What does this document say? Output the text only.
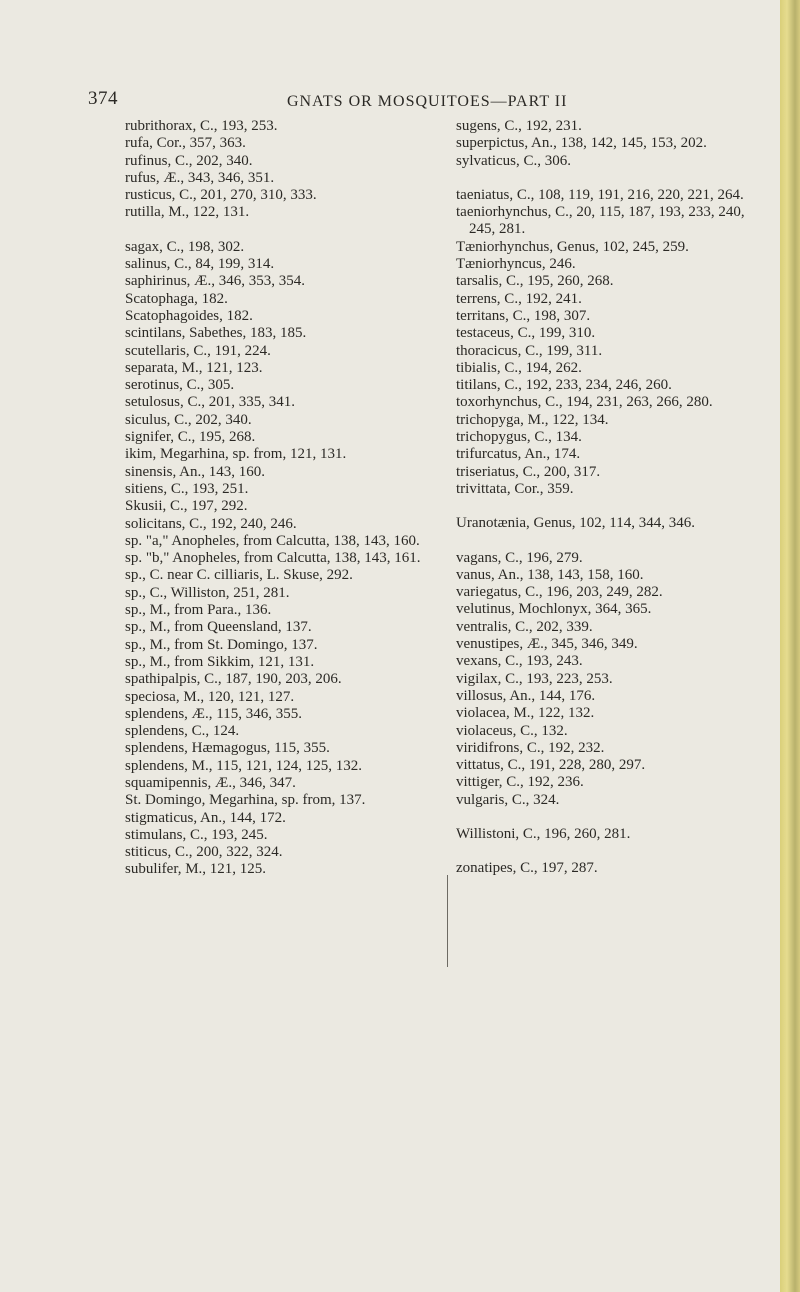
374	GNATS OR MOSQUITOES—PART II
rubrithorax, C., 193, 253.
rufa, Cor., 357, 363.
rufinus, C., 202, 340.
rufus, Æ., 343, 346, 351.
rusticus, C., 201, 270, 310, 333.
rutilla, M., 122, 131.
sagax, C., 198, 302.
salinus, C., 84, 199, 314.
saphirinus, Æ., 346, 353, 354.
Scatophaga, 182.
Scatophagoides, 182.
scintilans, Sabethes, 183, 185.
scutellaris, C., 191, 224.
separata, M., 121, 123.
serotinus, C., 305.
setulosus, C., 201, 335, 341.
siculus, C., 202, 340.
signifer, C., 195, 268.
ikim, Megarhina, sp. from, 121, 131.
sinensis, An., 143, 160.
sitiens, C., 193, 251.
Skusii, C., 197, 292.
solicitans, C., 192, 240, 246.
sp. "a," Anopheles, from Calcutta, 138, 143, 160.
sp. "b," Anopheles, from Calcutta, 138, 143, 161.
sp., C. near C. cilliaris, L. Skuse, 292.
sp., C., Williston, 251, 281.
sp., M., from Para., 136.
sp., M., from Queensland, 137.
sp., M., from St. Domingo, 137.
sp., M., from Sikkim, 121, 131.
spathipalpis, C., 187, 190, 203, 206.
speciosa, M., 120, 121, 127.
splendens, Æ., 115, 346, 355.
splendens, C., 124.
splendens, Hæmagogus, 115, 355.
splendens, M., 115, 121, 124, 125, 132.
squamipennis, Æ., 346, 347.
St. Domingo, Megarhina, sp. from, 137.
stigmaticus, An., 144, 172.
stimulans, C., 193, 245.
stiticus, C., 200, 322, 324.
subulifer, M., 121, 125.
sugens, C., 192, 231.
superpictus, An., 138, 142, 145, 153, 202.
sylvaticus, C., 306.
taeniatus, C., 108, 119, 191, 216, 220, 221, 264.
taeniorhynchus, C., 20, 115, 187, 193, 233, 240, 245, 281.
Tæniorhynchus, Genus, 102, 245, 259.
Tæniorhyncus, 246.
tarsalis, C., 195, 260, 268.
terrens, C., 192, 241.
territans, C., 198, 307.
testaceus, C., 199, 310.
thoracicus, C., 199, 311.
tibialis, C., 194, 262.
titilans, C., 192, 233, 234, 246, 260.
toxorhynchus, C., 194, 231, 263, 266, 280.
trichopyga, M., 122, 134.
trichopygus, C., 134.
trifurcatus, An., 174.
triseriatus, C., 200, 317.
trivittata, Cor., 359.
Uranotænia, Genus, 102, 114, 344, 346.
vagans, C., 196, 279.
vanus, An., 138, 143, 158, 160.
variegatus, C., 196, 203, 249, 282.
velutinus, Mochlonyx, 364, 365.
ventralis, C., 202, 339.
venustipes, Æ., 345, 346, 349.
vexans, C., 193, 243.
vigilax, C., 193, 223, 253.
villosus, An., 144, 176.
violacea, M., 122, 132.
violaceus, C., 132.
viridifrons, C., 192, 232.
vittatus, C., 191, 228, 280, 297.
vittiger, C., 192, 236.
vulgaris, C., 324.
Willistoni, C., 196, 260, 281.
zonatipes, C., 197, 287.
